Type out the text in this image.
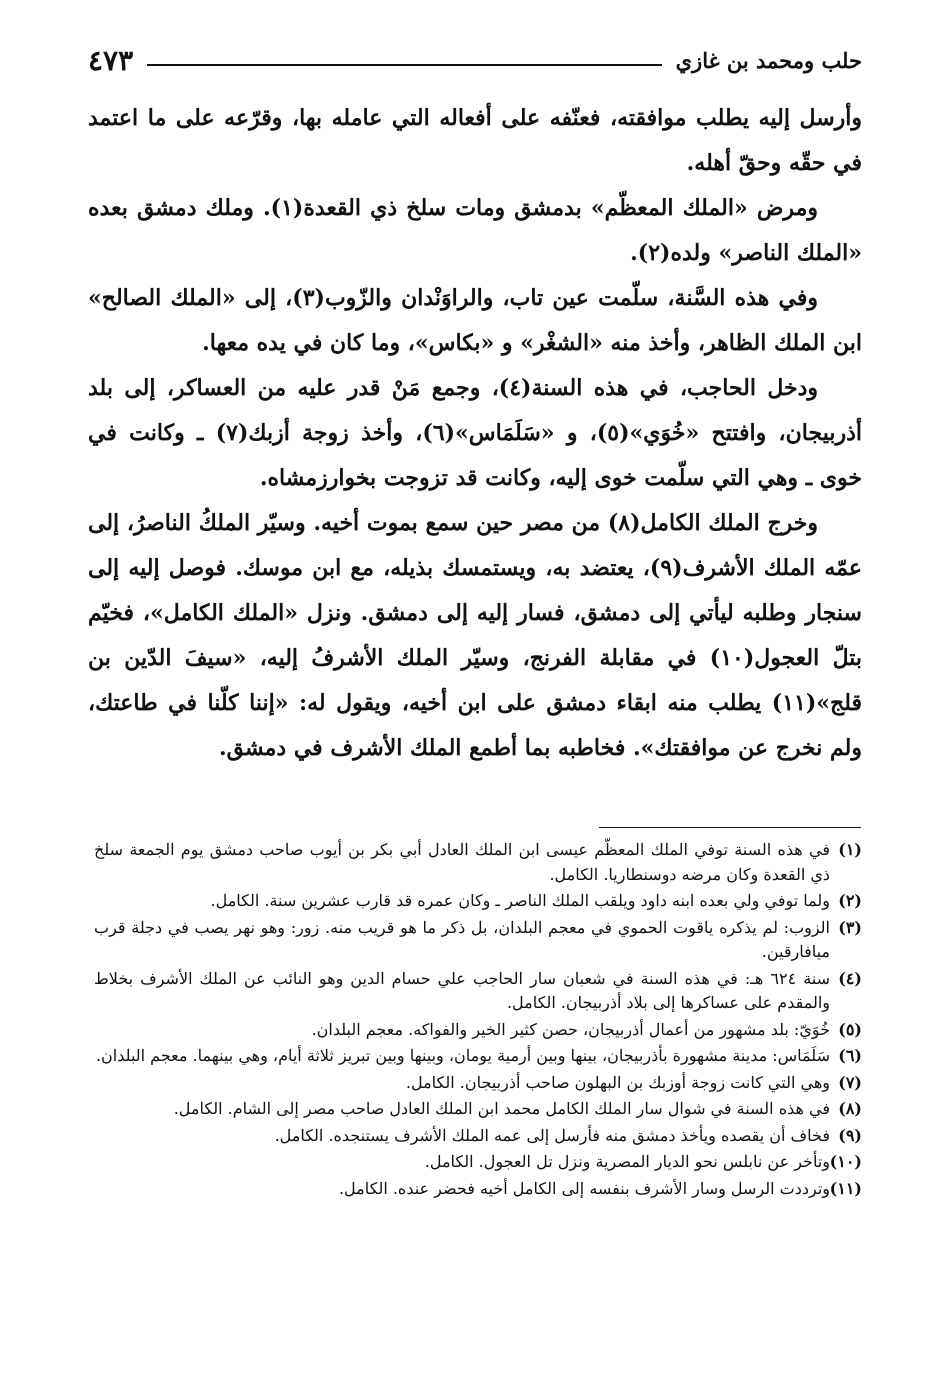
حلب ومحمد بن غازي
٤٧٣

وأرسل إليه يطلب موافقته، فعنّفه على أفعاله التي عامله بها، وقرّعه على ما اعتمد في حقّه وحقّ أهله.

ومرض «الملك المعظّم» بدمشق ومات سلخ ذي القعدة(١). وملك دمشق بعده «الملك الناصر» ولده(٢).

وفي هذه السَّنة، سلّمت عين تاب، والراوَنْدان والزّوب(٣)، إلى «الملك الصالح» ابن الملك الظاهر، وأخذ منه «الشغْر» و «بكاس»، وما كان في يده معها.

ودخل الحاجب، في هذه السنة(٤)، وجمع مَنْ قدر عليه من العساكر، إلى بلد أذربيجان، وافتتح «خُوَي»(٥)، و «سَلَمَاس»(٦)، وأخذ زوجة أزبك(٧) ـ وكانت في خوى ـ وهي التي سلّمت خوى إليه، وكانت قد تزوجت بخوارزمشاه.

وخرج الملك الكامل(٨) من مصر حين سمع بموت أخيه. وسيّر الملكُ الناصرُ، إلى عمّه الملك الأشرف(٩)، يعتضد به، ويستمسك بذيله، مع ابن موسك. فوصل إليه إلى سنجار وطلبه ليأتي إلى دمشق، فسار إليه إلى دمشق. ونزل «الملك الكامل»، فخيّم بتلّ العجول(١٠) في مقابلة الفرنج، وسيّر الملك الأشرفُ إليه، «سيفَ الدّين بن قلج»(١١) يطلب منه ابقاء دمشق على ابن أخيه، ويقول له: «إننا كلّنا في طاعتك، ولم نخرج عن موافقتك». فخاطبه بما أطمع الملك الأشرف في دمشق.

(١)
في هذه السنة توفي الملك المعظّم عيسى ابن الملك العادل أبي بكر بن أيوب صاحب دمشق يوم الجمعة سلخ ذي القعدة وكان مرضه دوسنطاريا. الكامل.
(٢)
ولما توفي ولي بعده ابنه داود ويلقب الملك الناصر ـ وكان عمره قد قارب عشرين سنة. الكامل.
(٣)
الزوب: لم يذكره ياقوت الحموي في معجم البلدان، بل ذكر ما هو قريب منه. زور: وهو نهر يصب في دجلة قرب ميافارقين.
(٤)
سنة ٦٢٤ هـ: في هذه السنة في شعبان سار الحاجب علي حسام الدين وهو النائب عن الملك الأشرف بخلاط والمقدم على عساكرها إلى بلاد أذربيجان. الكامل.
(٥)
خُوَيّ: بلد مشهور من أعمال أذربيجان، حصن كثير الخير والفواكه. معجم البلدان.
(٦)
سَلَمَاس: مدينة مشهورة بأذربيجان، بينها وبين أرمية يومان، وبينها وبين تبريز ثلاثة أيام، وهي بينهما. معجم البلدان.
(٧)
وهي التي كانت زوجة أوزبك بن البهلون صاحب أذربيجان. الكامل.
(٨)
في هذه السنة في شوال سار الملك الكامل محمد ابن الملك العادل صاحب مصر إلى الشام. الكامل.
(٩)
فخاف أن يقصده ويأخذ دمشق منه فأرسل إلى عمه الملك الأشرف يستنجده. الكامل.
(١٠)
وتأخر عن نابلس نحو الديار المصرية ونزل تل العجول. الكامل.
(١١)
وترددت الرسل وسار الأشرف بنفسه إلى الكامل أخيه فحضر عنده. الكامل.
